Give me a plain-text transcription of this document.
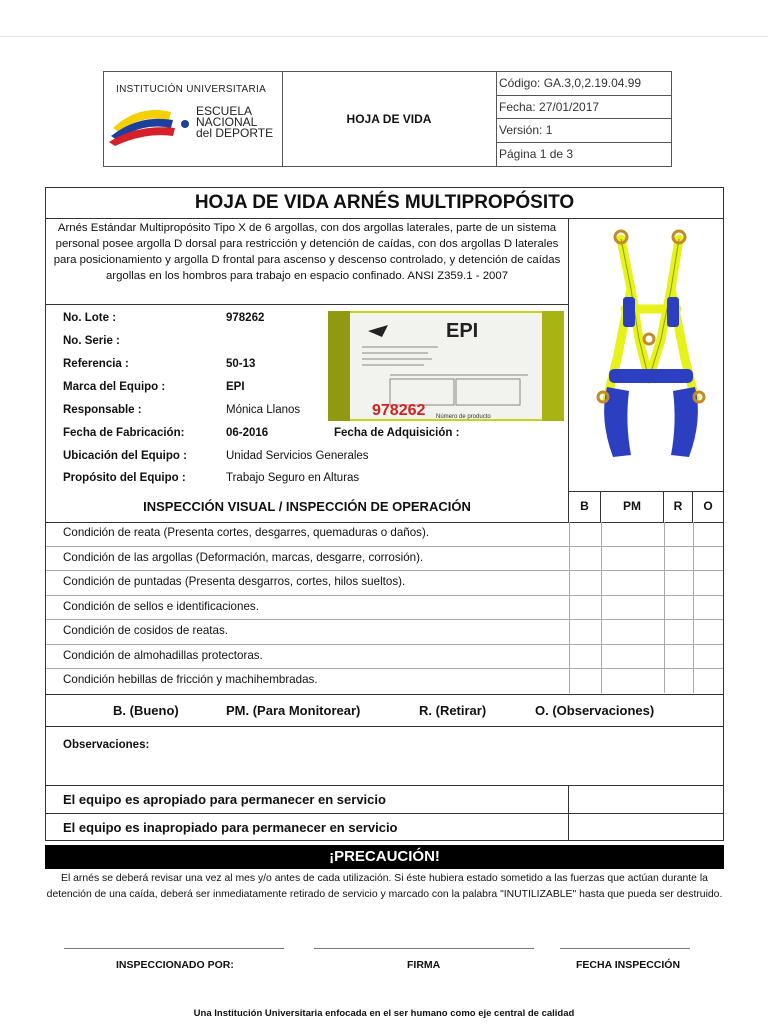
INSTITUCIÓN UNIVERSITARIA
ESCUELA
NACIONAL
del DEPORTE
HOJA DE VIDA
Código: GA.3,0,2.19.04.99
Fecha: 27/01/2017
Versión: 1
Página 1 de 3
HOJA DE VIDA ARNÉS MULTIPROPÓSITO
Arnés Estándar Multipropósito Tipo X de 6 argollas, con dos argollas laterales, parte de un sistema personal posee argolla D dorsal para restricción y detención de caídas, con dos argollas D laterales para posicionamiento y argolla D frontal para ascenso y descenso controlado, y detención de caídas argollas en los hombros para trabajo en espacio confinado. ANSI Z359.1 - 2007
No. Lote :	978262
No. Serie :
Referencia :	50-13
Marca del Equipo :	EPI
Responsable :	Mónica Llanos
Fecha de Fabricación:	06-2016	Fecha de Adquisición :
Ubicación del Equipo :	Unidad Servicios Generales
Propósito del Equipo :	Trabajo Seguro en Alturas
EPI
978262 Número de producto
INSPECCIÓN VISUAL / INSPECCIÓN DE OPERACIÓN	B	PM	R	O
Condición de reata (Presenta cortes, desgarres, quemaduras o daños).
Condición de las argollas (Deformación, marcas, desgarre, corrosión).
Condición de puntadas (Presenta desgarros, cortes, hilos sueltos).
Condición de sellos e identificaciones.
Condición de cosidos de reatas.
Condición de almohadillas protectoras.
Condición hebillas de fricción y machihembradas.
B. (Bueno)	PM. (Para Monitorear)	R. (Retirar)	O. (Observaciones)
Observaciones:
El equipo es apropiado para permanecer en servicio
El equipo es inapropiado para permanecer en servicio
¡PRECAUCIÓN!
El arnés se deberá revisar una vez al mes y/o antes de cada utilización. Si éste hubiera estado sometido a las fuerzas que actúan durante la detención de una caída, deberá ser inmediatamente retirado de servicio y marcado con la palabra "INUTILIZABLE" hasta que pueda ser destruido.
INSPECCIONADO POR:	FIRMA	FECHA INSPECCIÓN
Una Institución Universitaria enfocada en el ser humano como eje central de calidad
